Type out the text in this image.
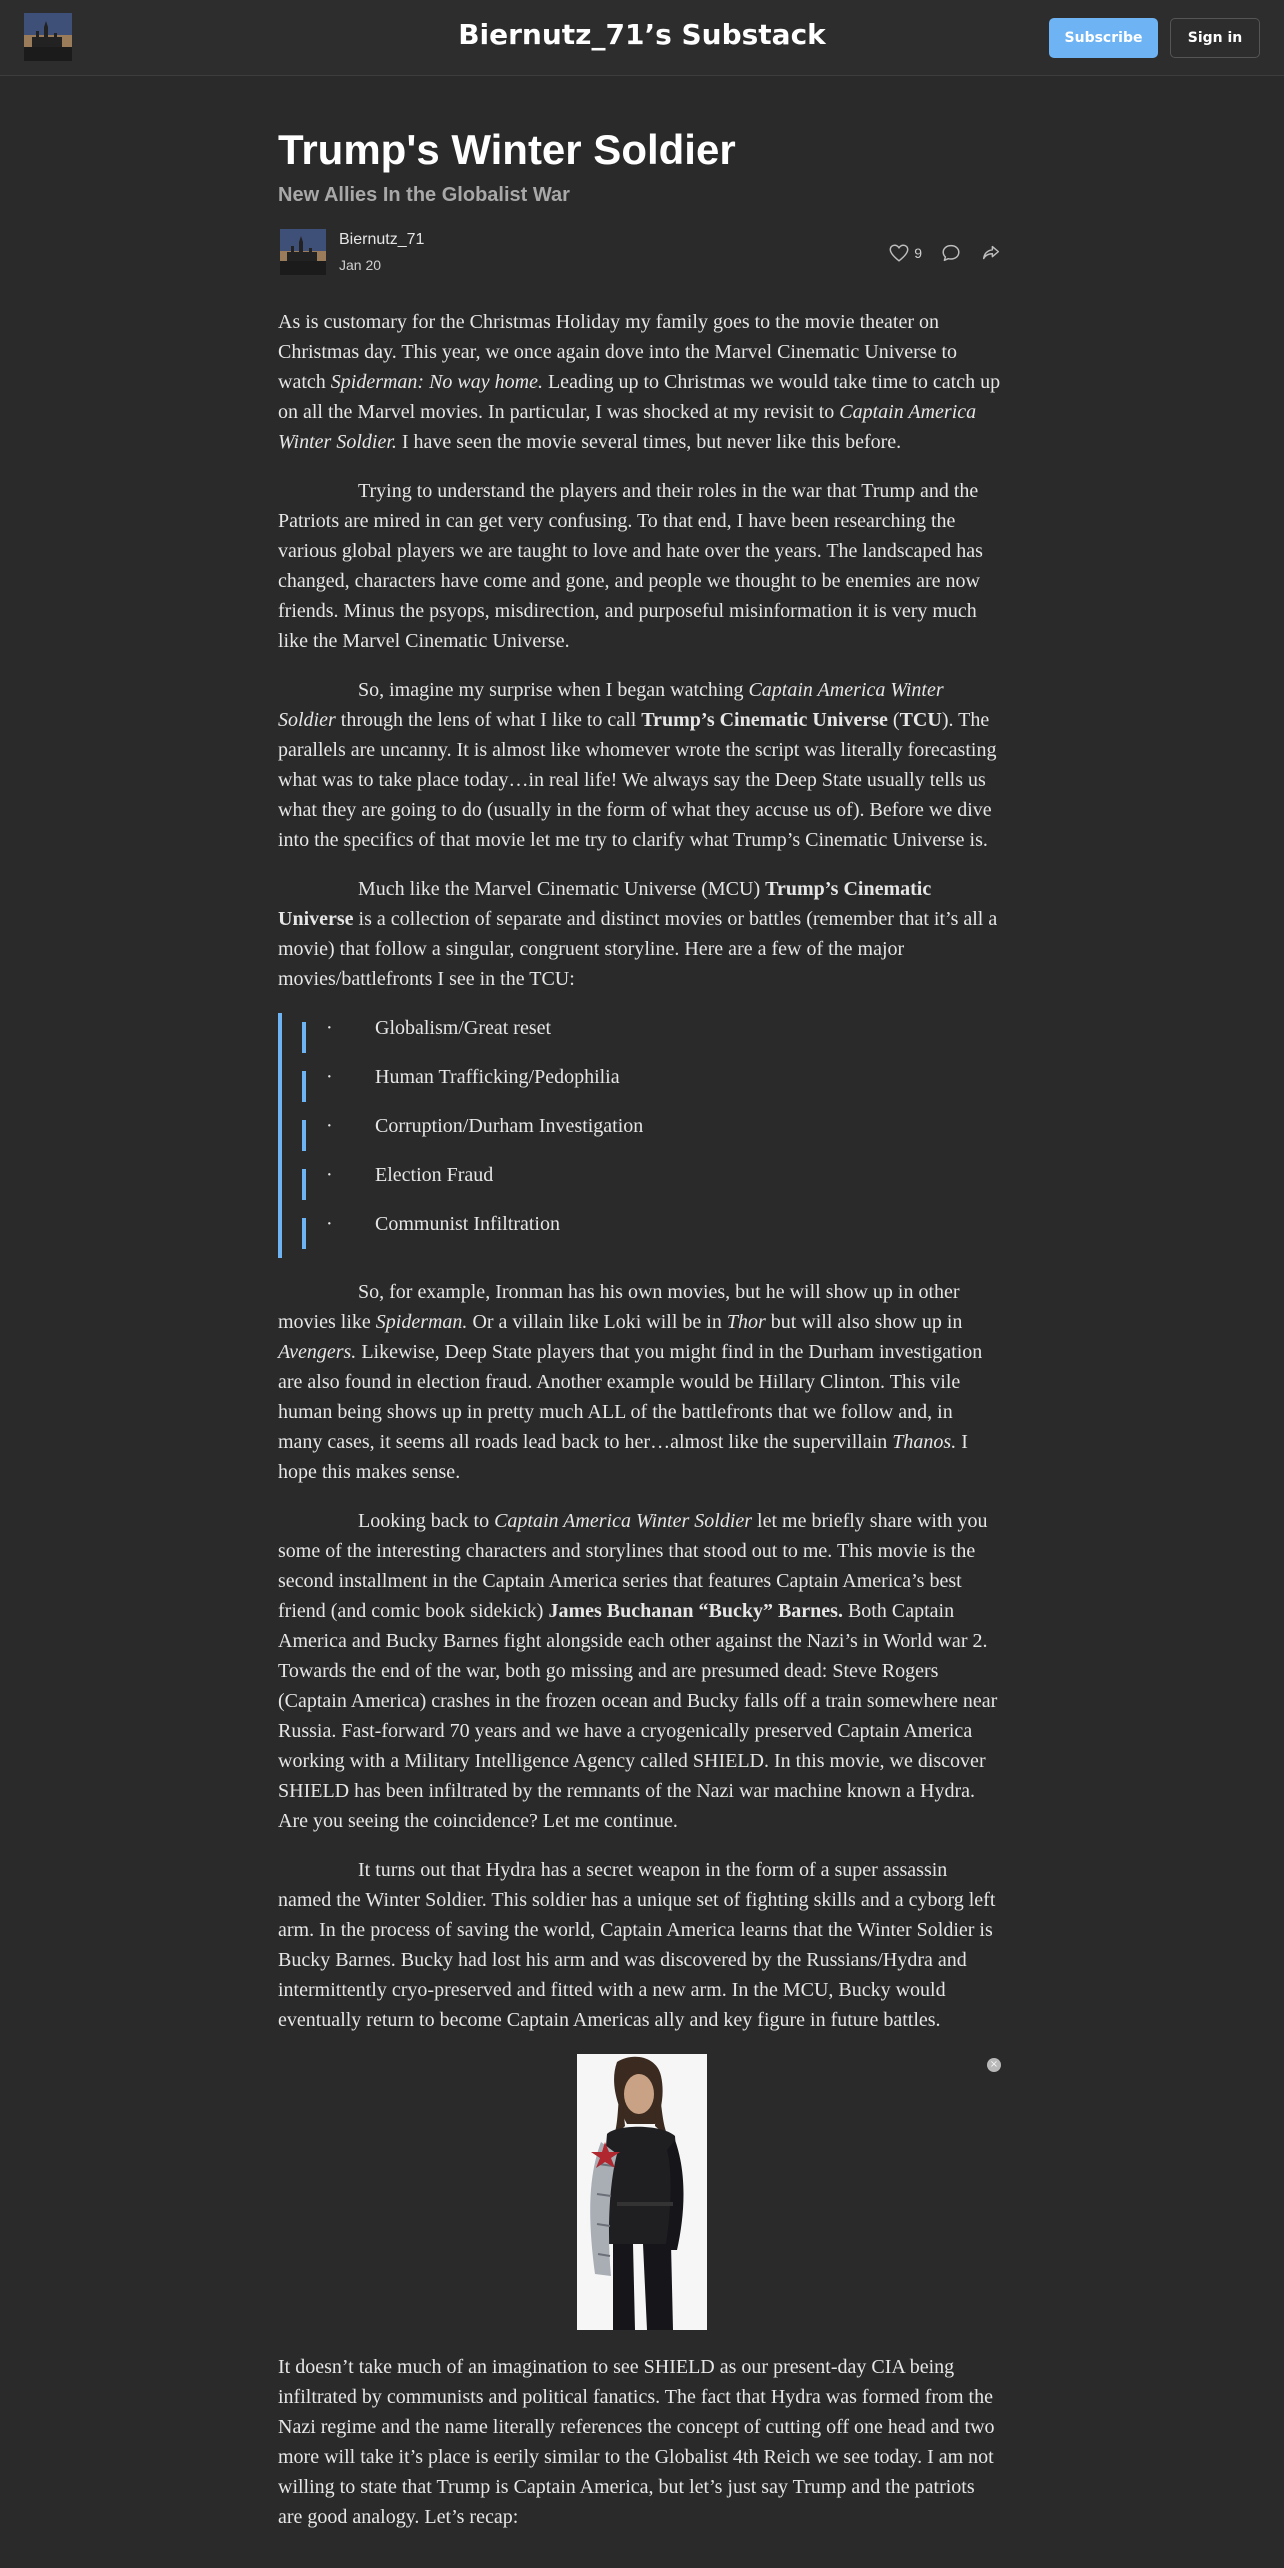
Biernutz_71’s Substack	Subscribe	Sign in
Trump's Winter Soldier
New Allies In the Globalist War
Biernutz_71
Jan 20
9

As is customary for the Christmas Holiday my family goes to the movie theater on Christmas day. This year, we once again dove into the Marvel Cinematic Universe to watch Spiderman: No way home. Leading up to Christmas we would take time to catch up on all the Marvel movies. In particular, I was shocked at my revisit to Captain America Winter Soldier. I have seen the movie several times, but never like this before.

Trying to understand the players and their roles in the war that Trump and the Patriots are mired in can get very confusing. To that end, I have been researching the various global players we are taught to love and hate over the years. The landscaped has changed, characters have come and gone, and people we thought to be enemies are now friends. Minus the psyops, misdirection, and purposeful misinformation it is very much like the Marvel Cinematic Universe.

So, imagine my surprise when I began watching Captain America Winter Soldier through the lens of what I like to call Trump’s Cinematic Universe (TCU). The parallels are uncanny. It is almost like whomever wrote the script was literally forecasting what was to take place today…in real life! We always say the Deep State usually tells us what they are going to do (usually in the form of what they accuse us of). Before we dive into the specifics of that movie let me try to clarify what Trump’s Cinematic Universe is.

Much like the Marvel Cinematic Universe (MCU) Trump’s Cinematic Universe is a collection of separate and distinct movies or battles (remember that it’s all a movie) that follow a singular, congruent storyline. Here are a few of the major movies/battlefronts I see in the TCU:

· Globalism/Great reset
· Human Trafficking/Pedophilia
· Corruption/Durham Investigation
· Election Fraud
· Communist Infiltration

So, for example, Ironman has his own movies, but he will show up in other movies like Spiderman. Or a villain like Loki will be in Thor but will also show up in Avengers. Likewise, Deep State players that you might find in the Durham investigation are also found in election fraud. Another example would be Hillary Clinton. This vile human being shows up in pretty much ALL of the battlefronts that we follow and, in many cases, it seems all roads lead back to her…almost like the supervillain Thanos. I hope this makes sense.

Looking back to Captain America Winter Soldier let me briefly share with you some of the interesting characters and storylines that stood out to me. This movie is the second installment in the Captain America series that features Captain America’s best friend (and comic book sidekick) James Buchanan “Bucky” Barnes. Both Captain America and Bucky Barnes fight alongside each other against the Nazi’s in World war 2. Towards the end of the war, both go missing and are presumed dead: Steve Rogers (Captain America) crashes in the frozen ocean and Bucky falls off a train somewhere near Russia. Fast-forward 70 years and we have a cryogenically preserved Captain America working with a Military Intelligence Agency called SHIELD. In this movie, we discover SHIELD has been infiltrated by the remnants of the Nazi war machine known a Hydra. Are you seeing the coincidence? Let me continue.

It turns out that Hydra has a secret weapon in the form of a super assassin named the Winter Soldier. This soldier has a unique set of fighting skills and a cyborg left arm. In the process of saving the world, Captain America learns that the Winter Soldier is Bucky Barnes. Bucky had lost his arm and was discovered by the Russians/Hydra and intermittently cryo-preserved and fitted with a new arm. In the MCU, Bucky would eventually return to become Captain Americas ally and key figure in future battles.

×

It doesn’t take much of an imagination to see SHIELD as our present-day CIA being infiltrated by communists and political fanatics. The fact that Hydra was formed from the Nazi regime and the name literally references the concept of cutting off one head and two more will take it’s place is eerily similar to the Globalist 4th Reich we see today. I am not willing to state that Trump is Captain America, but let’s just say Trump and the patriots are good analogy. Let’s recap:
